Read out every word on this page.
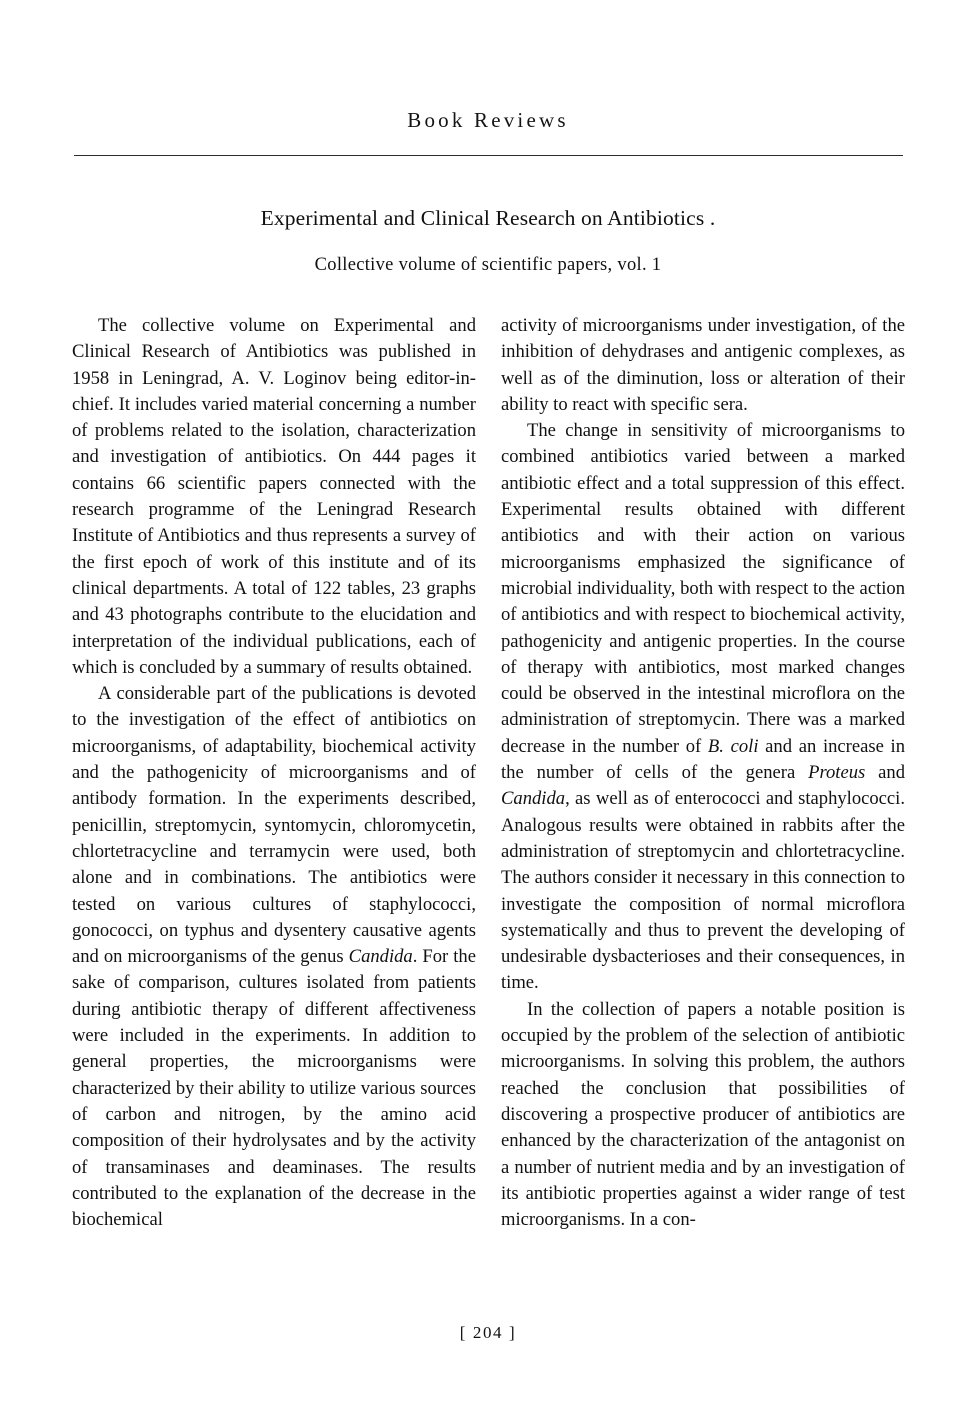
Book Reviews
Experimental and Clinical Research on Antibiotics .
Collective volume of scientific papers, vol. 1

The collective volume on Experimental and Clinical Research of Antibiotics was published in 1958 in Leningrad, A. V. Loginov being editor-in-chief. It includes varied material concerning a number of problems related to the isolation, characterization and investigation of antibiotics. On 444 pages it contains 66 scientific papers connected with the research programme of the Leningrad Research Institute of Antibiotics and thus represents a survey of the first epoch of work of this institute and of its clinical departments. A total of 122 tables, 23 graphs and 43 photographs contribute to the elucidation and interpretation of the individual publications, each of which is concluded by a summary of results obtained.

A considerable part of the publications is devoted to the investigation of the effect of antibiotics on microorganisms, of adaptability, biochemical activity and the pathogenicity of microorganisms and of antibody formation. In the experiments described, penicillin, streptomycin, syntomycin, chloromycetin, chlortetracycline and terramycin were used, both alone and in combinations. The antibiotics were tested on various cultures of staphylococci, gonococci, on typhus and dysentery causative agents and on microorganisms of the genus Candida. For the sake of comparison, cultures isolated from patients during antibiotic therapy of different affectiveness were included in the experiments. In addition to general properties, the microorganisms were characterized by their ability to utilize various sources of carbon and nitrogen, by the amino acid composition of their hydrolysates and by the activity of transaminases and deaminases. The results contributed to the explanation of the decrease in the biochemical

activity of microorganisms under investigation, of the inhibition of dehydrases and antigenic complexes, as well as of the diminution, loss or alteration of their ability to react with specific sera.

The change in sensitivity of microorganisms to combined antibiotics varied between a marked antibiotic effect and a total suppression of this effect. Experimental results obtained with different antibiotics and with their action on various microorganisms emphasized the significance of microbial individuality, both with respect to the action of antibiotics and with respect to biochemical activity, pathogenicity and antigenic properties. In the course of therapy with antibiotics, most marked changes could be observed in the intestinal microflora on the administration of streptomycin. There was a marked decrease in the number of B. coli and an increase in the number of cells of the genera Proteus and Candida, as well as of enterococci and staphylococci. Analogous results were obtained in rabbits after the administration of streptomycin and chlortetracycline. The authors consider it necessary in this connection to investigate the composition of normal microflora systematically and thus to prevent the developing of undesirable dysbacterioses and their consequences, in time.

In the collection of papers a notable position is occupied by the problem of the selection of antibiotic microorganisms. In solving this problem, the authors reached the conclusion that possibilities of discovering a prospective producer of antibiotics are enhanced by the characterization of the antagonist on a number of nutrient media and by an investigation of its antibiotic properties against a wider range of test microorganisms. In a con-

[ 204 ]
